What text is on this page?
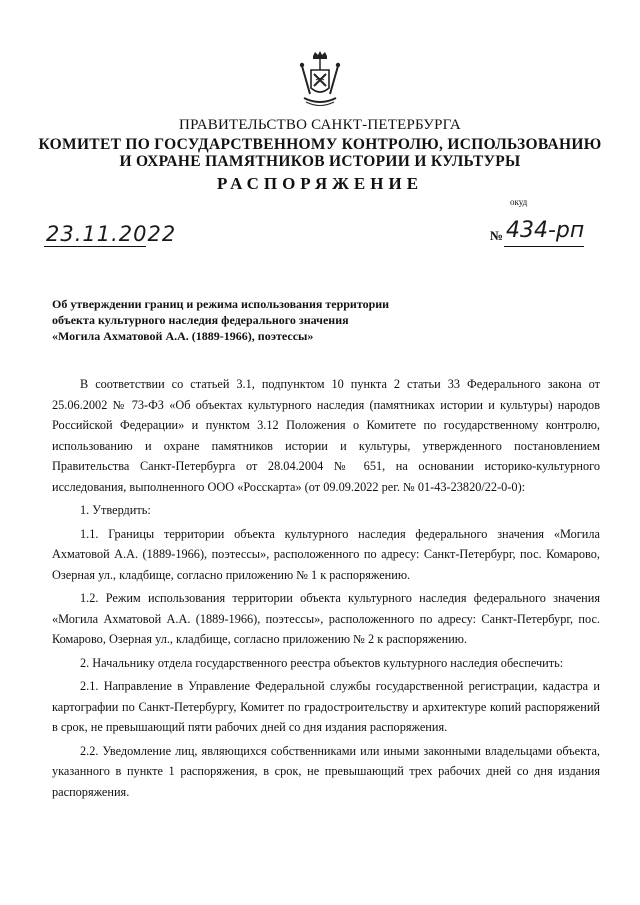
ПРАВИТЕЛЬСТВО САНКТ-ПЕТЕРБУРГА
КОМИТЕТ ПО ГОСУДАРСТВЕННОМУ КОНТРОЛЮ, ИСПОЛЬЗОВАНИЮ
И ОХРАНЕ ПАМЯТНИКОВ ИСТОРИИ И КУЛЬТУРЫ
РАСПОРЯЖЕНИЕ
окуд
23.11.2022	№ 434-рп
Об утверждении границ и режима использования территории
объекта культурного наследия федерального значения
«Могила Ахматовой А.А. (1889-1966), поэтессы»

В соответствии со статьей 3.1, подпунктом 10 пункта 2 статьи 33 Федерального закона от 25.06.2002 № 73-ФЗ «Об объектах культурного наследия (памятниках истории и культуры) народов Российской Федерации» и пунктом 3.12 Положения о Комитете по государственному контролю, использованию и охране памятников истории и культуры, утвержденного постановлением Правительства Санкт-Петербурга от 28.04.2004 № 651, на основании историко-культурного исследования, выполненного ООО «Росскарта» (от 09.09.2022 рег. № 01-43-23820/22-0-0):

1. Утвердить:

1.1. Границы территории объекта культурного наследия федерального значения «Могила Ахматовой А.А. (1889-1966), поэтессы», расположенного по адресу: Санкт-Петербург, пос. Комарово, Озерная ул., кладбище, согласно приложению № 1 к распоряжению.

1.2. Режим использования территории объекта культурного наследия федерального значения «Могила Ахматовой А.А. (1889-1966), поэтессы», расположенного по адресу: Санкт-Петербург, пос. Комарово, Озерная ул., кладбище, согласно приложению № 2 к распоряжению.

2. Начальнику отдела государственного реестра объектов культурного наследия обеспечить:

2.1. Направление в Управление Федеральной службы государственной регистрации, кадастра и картографии по Санкт-Петербургу, Комитет по градостроительству и архитектуре копий распоряжений в срок, не превышающий пяти рабочих дней со дня издания распоряжения.

2.2. Уведомление лиц, являющихся собственниками или иными законными владельцами объекта, указанного в пункте 1 распоряжения, в срок, не превышающий трех рабочих дней со дня издания распоряжения.
